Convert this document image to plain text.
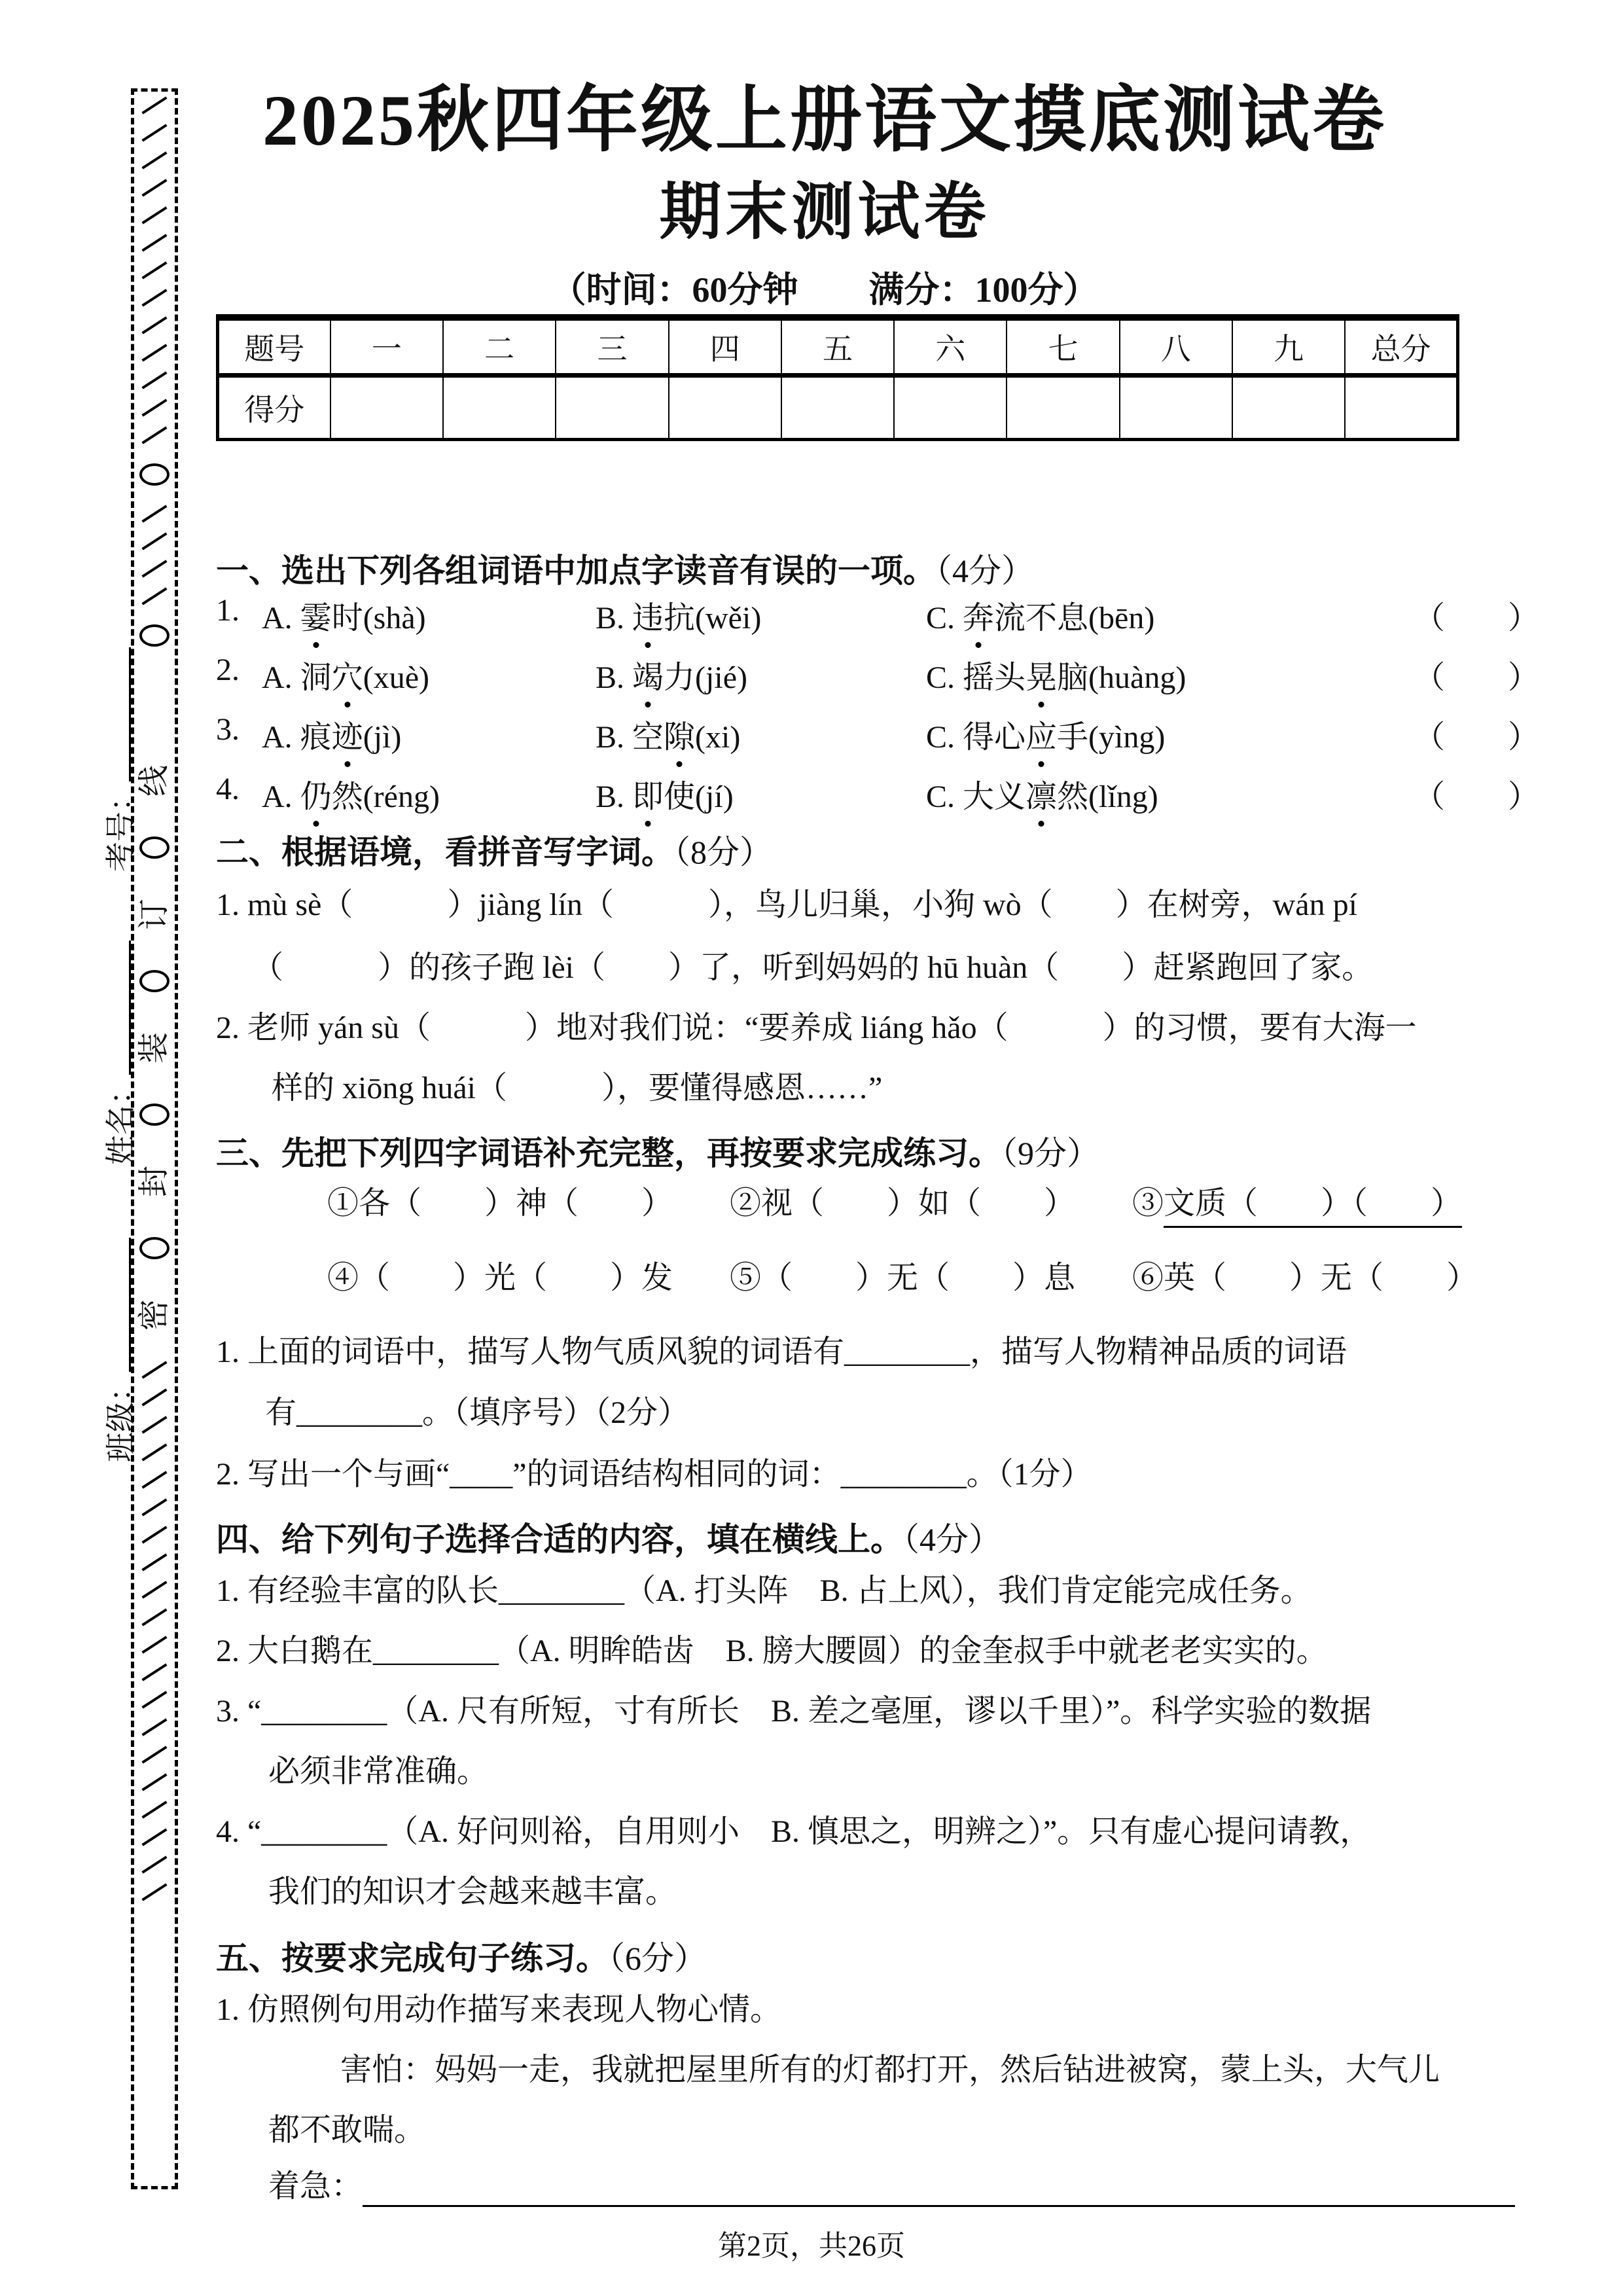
线
订
装
封
密
考号：
姓名：
班级：
2025秋四年级上册语文摸底测试卷
期末测试卷
（时间：60分钟　　满分：100分）
题号	一	二	三	四	五	六	七	八	九	总分
得分										
一、选出下列各组词语中加点字读音有误的一项。（4分）
1. A. 霎时(shà)	B. 违抗(wěi)	C. 奔流不息(bēn)	（　　）
2. A. 洞穴(xuè)	B. 竭力(jié)	C. 摇头晃脑(huàng)	（　　）
3. A. 痕迹(jì)	B. 空隙(xi)	C. 得心应手(yìng)	（　　）
4. A. 仍然(réng)	B. 即使(jí)	C. 大义凛然(lǐng)	（　　）
二、根据语境，看拼音写字词。（8分）
1. mù sè（　　　）jiàng lín（　　　），鸟儿归巢，小狗 wò（　　）在树旁，wán pí
（　　　）的孩子跑 lèi（　　）了，听到妈妈的 hū huàn（　　）赶紧跑回了家。
2. 老师 yán sù（　　　）地对我们说：“要养成 liáng hǎo（　　　）的习惯，要有大海一
样的 xiōng huái（　　　），要懂得感恩……”
三、先把下列四字词语补充完整，再按要求完成练习。（9分）
①各（　　）神（　　） ②视（　　）如（　　） ③文质（　　）（　　）
④（　　）光（　　）发 ⑤（　　）无（　　）息 ⑥英（　　）无（　　）
1. 上面的词语中，描写人物气质风貌的词语有________，描写人物精神品质的词语
有________。（填序号）（2分）
2. 写出一个与画“____”的词语结构相同的词：________。（1分）
四、给下列句子选择合适的内容，填在横线上。（4分）
1. 有经验丰富的队长________（A. 打头阵　B. 占上风），我们肯定能完成任务。
2. 大白鹅在________（A. 明眸皓齿　B. 膀大腰圆）的金奎叔手中就老老实实的。
3. “________（A. 尺有所短，寸有所长　B. 差之毫厘，谬以千里）”。科学实验的数据
必须非常准确。
4. “________（A. 好问则裕，自用则小　B. 慎思之，明辨之）”。只有虚心提问请教，
我们的知识才会越来越丰富。
五、按要求完成句子练习。（6分）
1. 仿照例句用动作描写来表现人物心情。
害怕：妈妈一走，我就把屋里所有的灯都打开，然后钻进被窝，蒙上头，大气儿
都不敢喘。
着急：
第2页，共26页
